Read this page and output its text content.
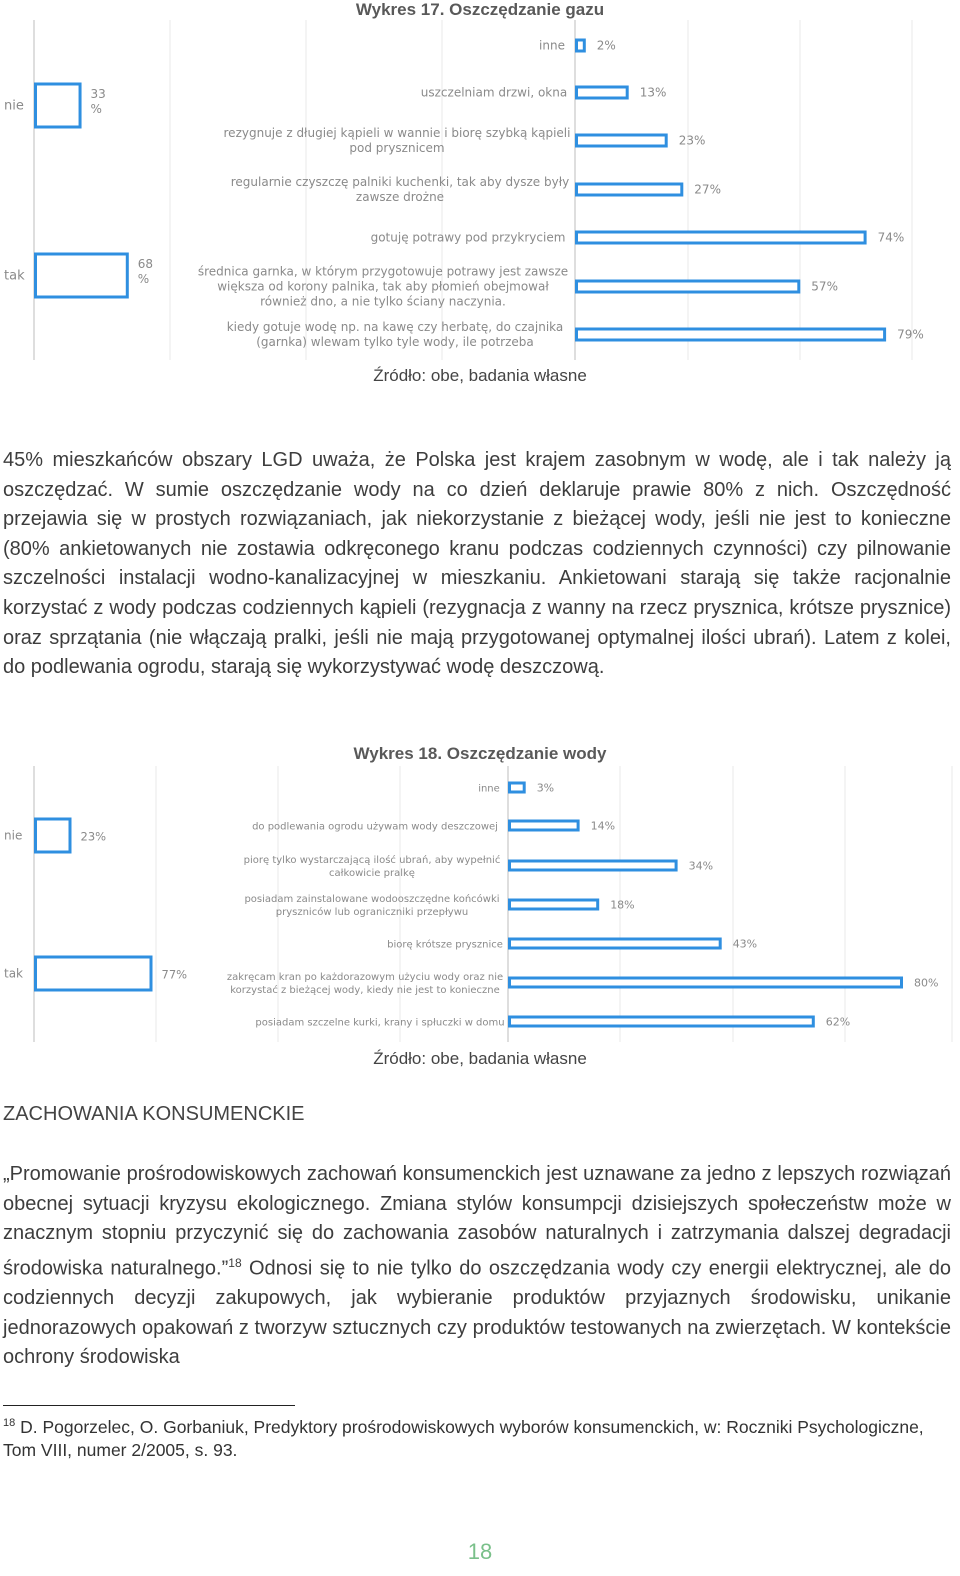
Wykres 17. Oszczędzanie gazu
nie
33 %
tak
68 %
inne	2%
uszczelniam drzwi, okna	13%
rezygnuje z długiej kąpieli w wannie i biorę szybką kąpieli pod prysznicem
23%
regularnie czyszczę palniki kuchenki, tak aby dysze były zawsze drożne
27%
gotuję potrawy pod przykryciem	74%
średnica garnka, w którym przygotowuje potrawy jest zawsze większa od korony palnika, tak aby płomień obejmował również dno, a nie tylko ściany naczynia.
57%
kiedy gotuje wodę np. na kawę czy herbatę, do czajnika (garnka) wlewam tylko tyle wody, ile potrzeba
79%
Źródło: obe, badania własne
45% mieszkańców obszary LGD uważa, że Polska jest krajem zasobnym w wodę, ale i tak należy ją oszczędzać. W sumie oszczędzanie wody na co dzień deklaruje prawie 80% z nich. Oszczędność przejawia się w prostych rozwiązaniach, jak niekorzystanie z bieżącej wody, jeśli nie jest to konieczne (80% ankietowanych nie zostawia odkręconego kranu podczas codziennych czynności) czy pilnowanie szczelności instalacji wodno-kanalizacyjnej w mieszkaniu. Ankietowani starają się także racjonalnie korzystać z wody podczas codziennych kąpieli (rezygnacja z wanny na rzecz prysznica, krótsze prysznice) oraz sprzątania (nie włączają pralki, jeśli nie mają przygotowanej optymalnej ilości ubrań). Latem z kolei, do podlewania ogrodu, starają się wykorzystywać wodę deszczową.
Wykres 18. Oszczędzanie wody
nie	23%
tak	77%
inne	3%
do podlewania ogrodu używam wody deszczowej	14%
piorę tylko wystarczającą ilość ubrań, aby wypełnić całkowicie pralkę
34%
posiadam zainstalowane wodooszczędne końcówki pryszniców lub ograniczniki przepływu
18%
biorę krótsze prysznice	43%
zakręcam kran po każdorazowym użyciu wody oraz nie korzystać z bieżącej wody, kiedy nie jest to konieczne
80%
posiadam szczelne kurki, krany i spłuczki w domu	62%
Źródło: obe, badania własne
ZACHOWANIA KONSUMENCKIE
„Promowanie prośrodowiskowych zachowań konsumenckich jest uznawane za jedno z lepszych rozwiązań obecnej sytuacji kryzysu ekologicznego. Zmiana stylów konsumpcji dzisiejszych społeczeństw może w znacznym stopniu przyczynić się do zachowania zasobów naturalnych i zatrzymania dalszej degradacji środowiska naturalnego.”$^{18}$ Odnosi się to nie tylko do oszczędzania wody czy energii elektrycznej, ale do codziennych decyzji zakupowych, jak wybieranie produktów przyjaznych środowisku, unikanie jednorazowych opakowań z tworzyw sztucznych czy produktów testowanych na zwierzętach. W kontekście ochrony środowiska
$^{18}$ D. Pogorzelec, O. Gorbaniuk, Predyktory prośrodowiskowych wyborów konsumenckich, w: Roczniki Psychologiczne, Tom VIII, numer 2/2005, s. 93.
18
